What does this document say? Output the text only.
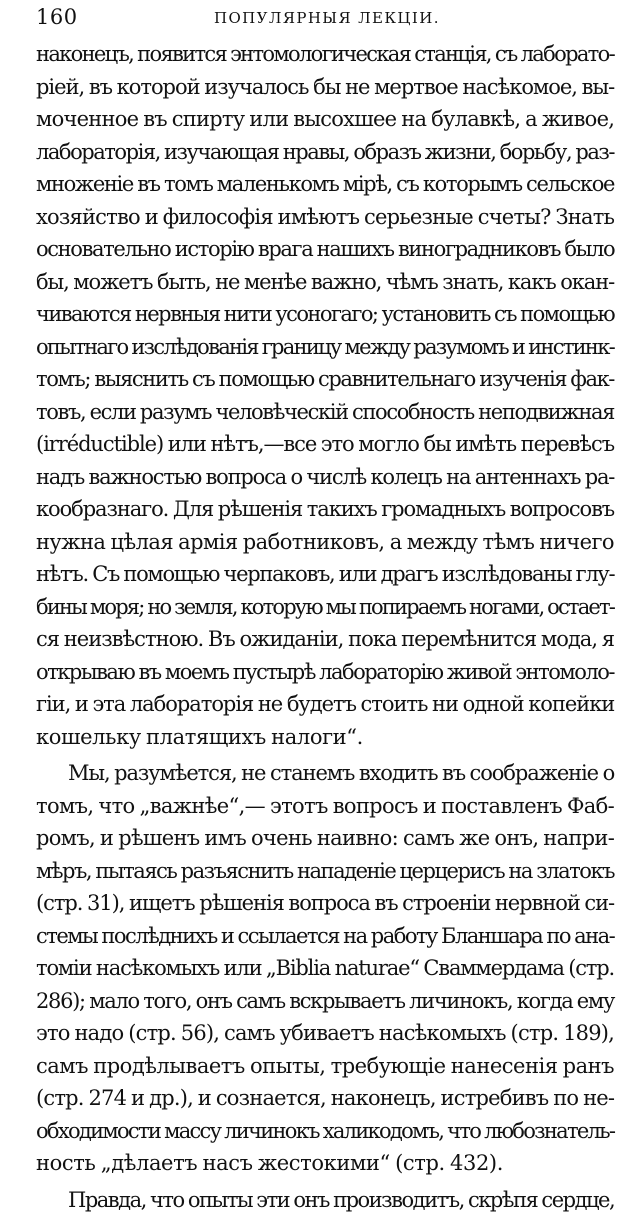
160	ПОПУЛЯРНЫЯ ЛЕКЦІИ.
наконецъ, появится энтомологическая станція, съ лаборато-
ріей, въ которой изучалось бы не мертвое насѣкомое, вы-
моченное въ спирту или высохшее на булавкѣ, а живое,
лабораторія, изучающая нравы, образъ жизни, борьбу, раз-
множеніе въ томъ маленькомъ мірѣ, съ которымъ сельское
хозяйство и философія имѣютъ серьезные счеты? Знать
основательно исторію врага нашихъ виноградниковъ было
бы, можетъ быть, не менѣе важно, чѣмъ знать, какъ окан-
чиваются нервныя нити усоногаго; установить съ помощью
опытнаго изслѣдованія границу между разумомъ и инстинк-
томъ; выяснить съ помощью сравнительнаго изученія фак-
товъ, если разумъ человѣческій способность неподвижная
(irréductible) или нѣтъ,—все это могло бы имѣть перевѣсъ
надъ важностью вопроса о числѣ колецъ на антеннахъ ра-
кообразнаго. Для рѣшенія такихъ громадныхъ вопросовъ
нужна цѣлая армія работниковъ, а между тѣмъ ничего
нѣтъ. Съ помощью черпаковъ, или драгъ изслѣдованы глу-
бины моря; но земля, которую мы попираемъ ногами, остает-
ся неизвѣстною. Въ ожиданіи, пока перемѣнится мода, я
открываю въ моемъ пустырѣ лабораторію живой энтомоло-
гіи, и эта лабораторія не будетъ стоить ни одной копейки
кошельку платящихъ налоги“.
Мы, разумѣется, не станемъ входить въ соображеніе о
томъ, что „важнѣе“,— этотъ вопросъ и поставленъ Фаб-
ромъ, и рѣшенъ имъ очень наивно: самъ же онъ, напри-
мѣръ, пытаясь разъяснить нападеніе церцерисъ на златокъ
(стр. 31), ищетъ рѣшенія вопроса въ строеніи нервной си-
стемы послѣднихъ и ссылается на работу Бланшара по ана-
томіи насѣкомыхъ или „Biblia naturae“ Сваммердама (стр.
286); мало того, онъ самъ вскрываетъ личинокъ, когда ему
это надо (стр. 56), самъ убиваетъ насѣкомыхъ (стр. 189),
самъ продѣлываетъ опыты, требующіе нанесенія ранъ
(стр. 274 и др.), и сознается, наконецъ, истребивъ по не-
обходимости массу личинокъ халикодомъ, что любознатель-
ность „дѣлаетъ насъ жестокими“ (стр. 432).
Правда, что опыты эти онъ производитъ, скрѣпя сердце,
